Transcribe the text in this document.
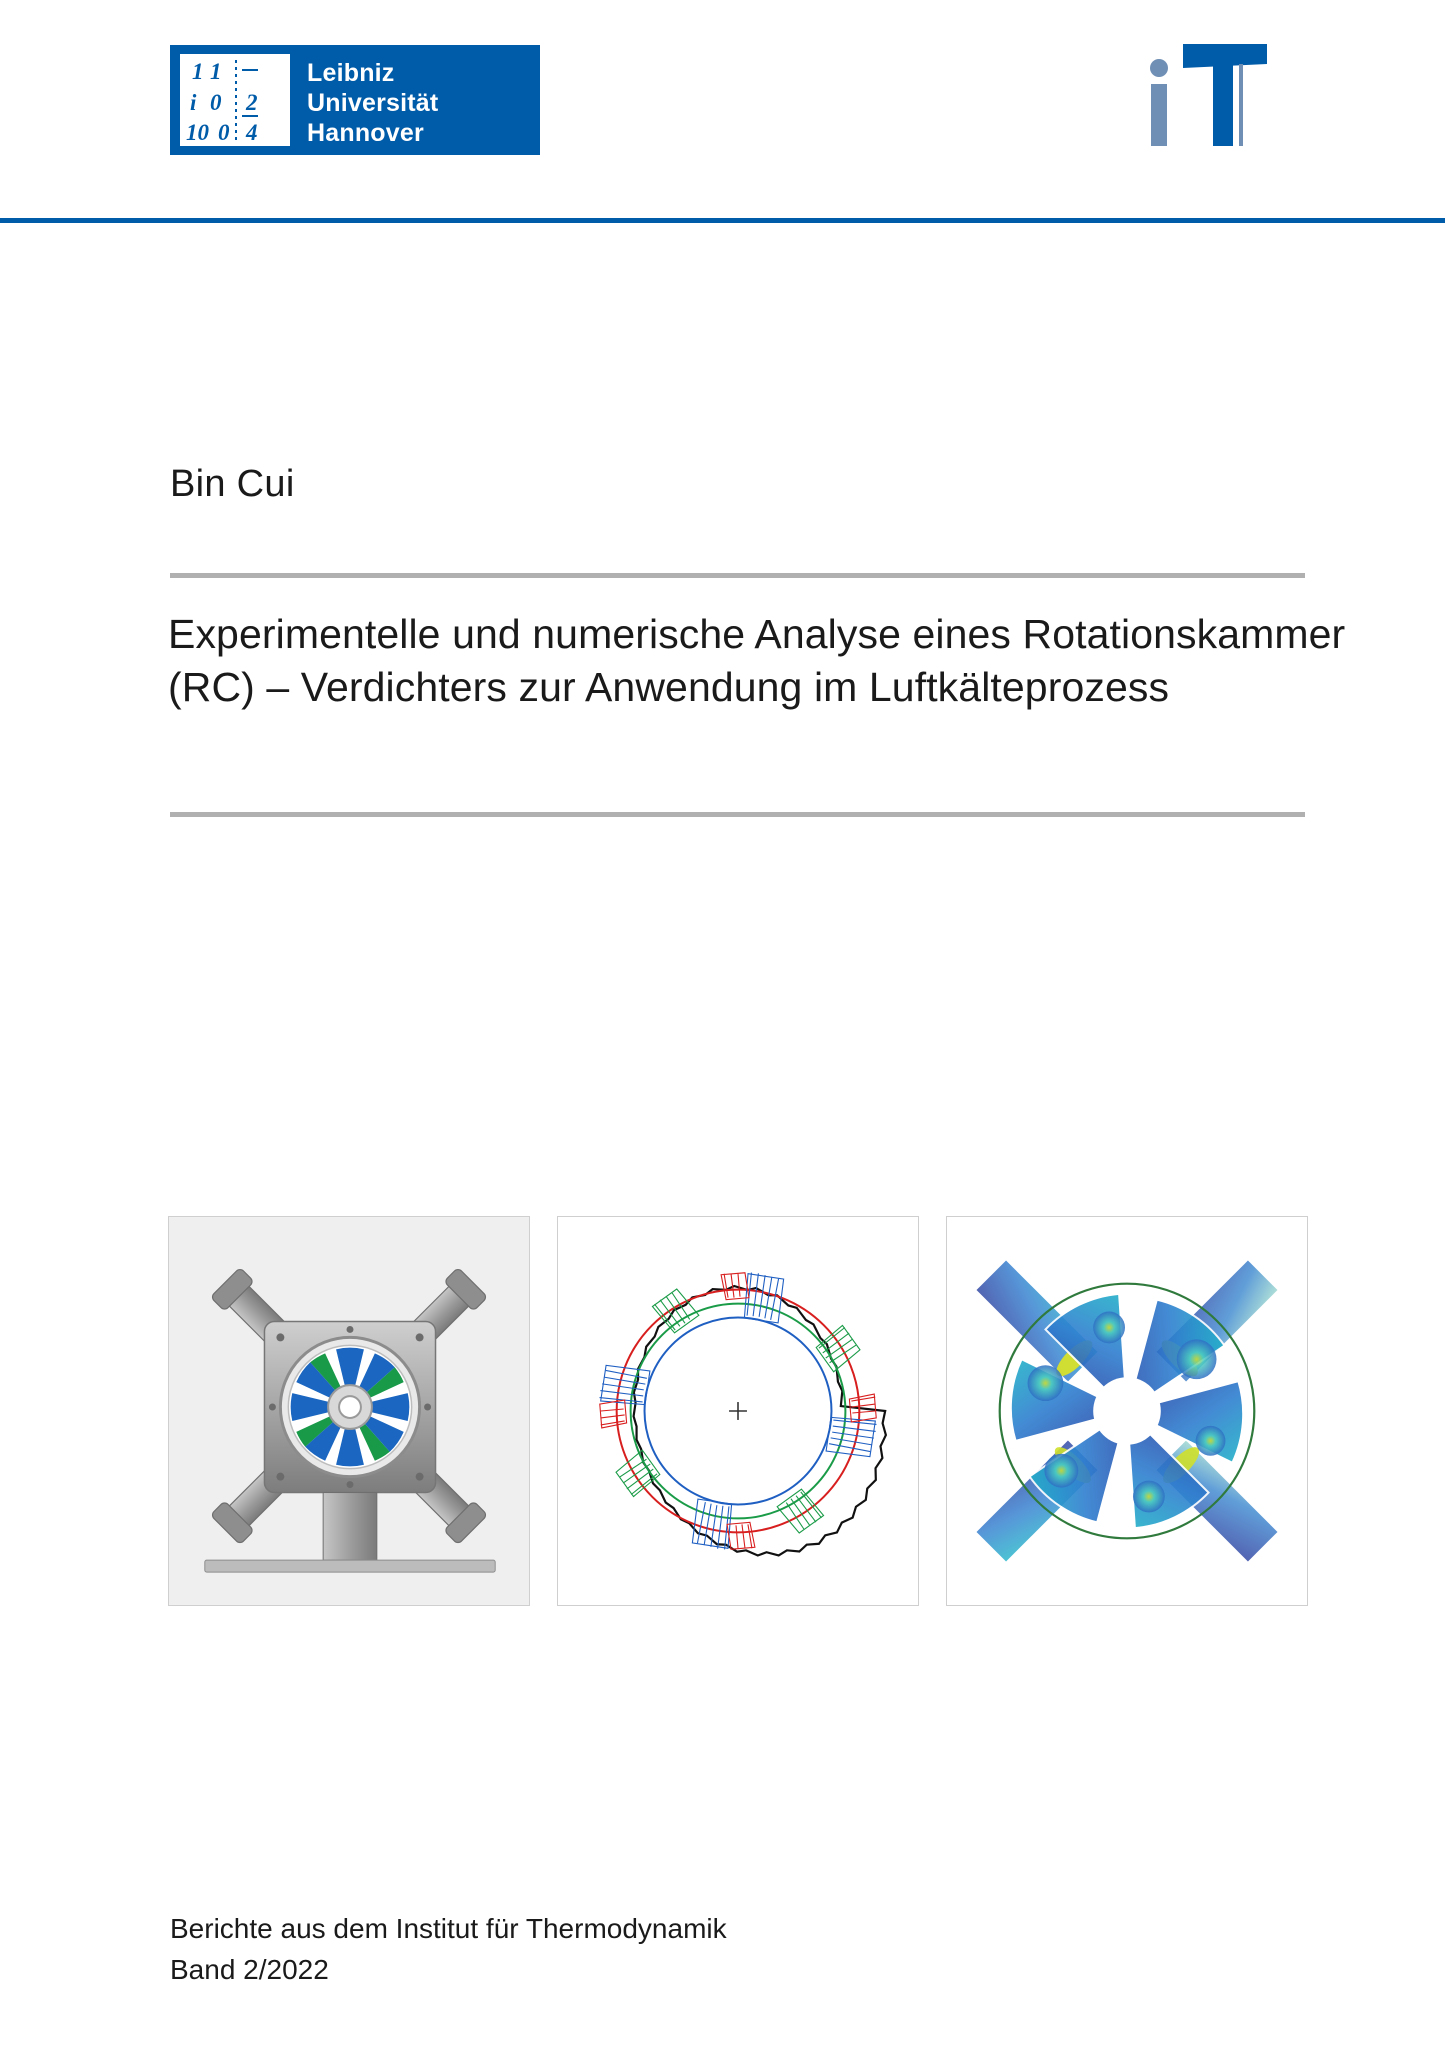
1 1
i 0 2
10 0 4
Leibniz
Universität
Hannover
Bin Cui
Experimentelle und numerische Analyse eines Rotationskammer (RC) – Verdichters zur Anwendung im Luftkälteprozess
Berichte aus dem Institut für Thermodynamik
Band 2/2022
